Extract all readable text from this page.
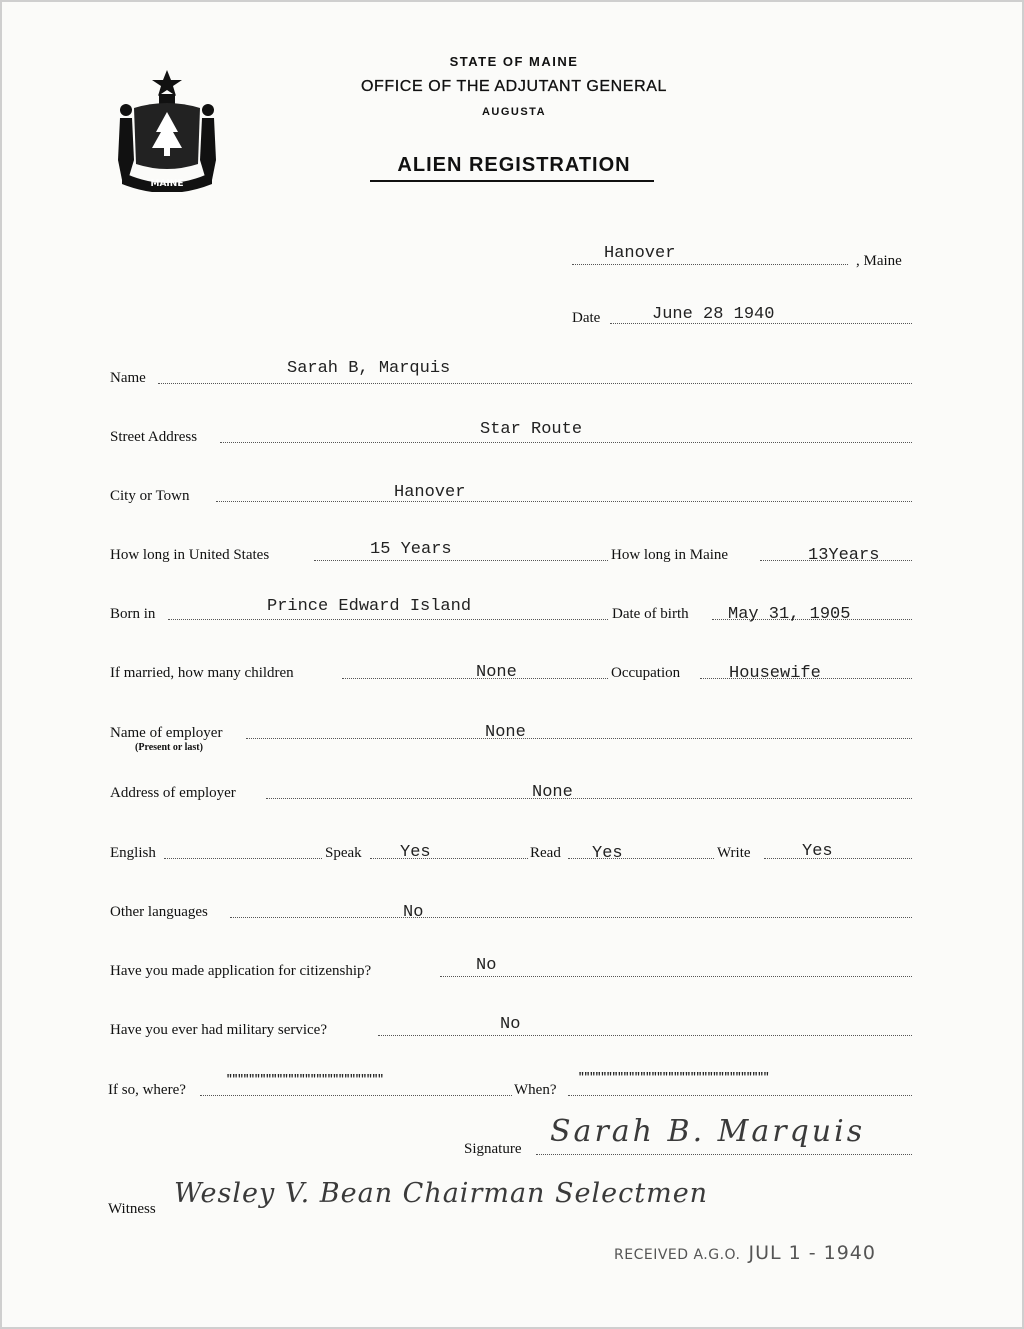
MAINE
STATE OF MAINE
OFFICE OF THE ADJUTANT GENERAL
AUGUSTA
ALIEN REGISTRATION
Hanover	, Maine
Date	June 28 1940
Name	Sarah B, Marquis
Street Address	Star Route
City or Town	Hanover
How long in United States	15 Years	How long in Maine	13Years
Born in	Prince Edward Island	Date of birth May 31, 1905
If married, how many children	None	Occupation	Housewife
Name of employer
(Present or last)
None
Address of employer	None
English	Speak Yes	Read Yes	Write	Yes
Other languages	No
Have you made application for citizenship?	No
Have you ever had military service?	No
If so, where?
""""""""""""""""""""""""""""
When?
""""""""""""""""""""""""""""""""""
Signature Sarah B. Marquis
Witness Wesley V. Bean Chairman Selectmen
RECEIVED A.G.O. JUL 1 - 1940
